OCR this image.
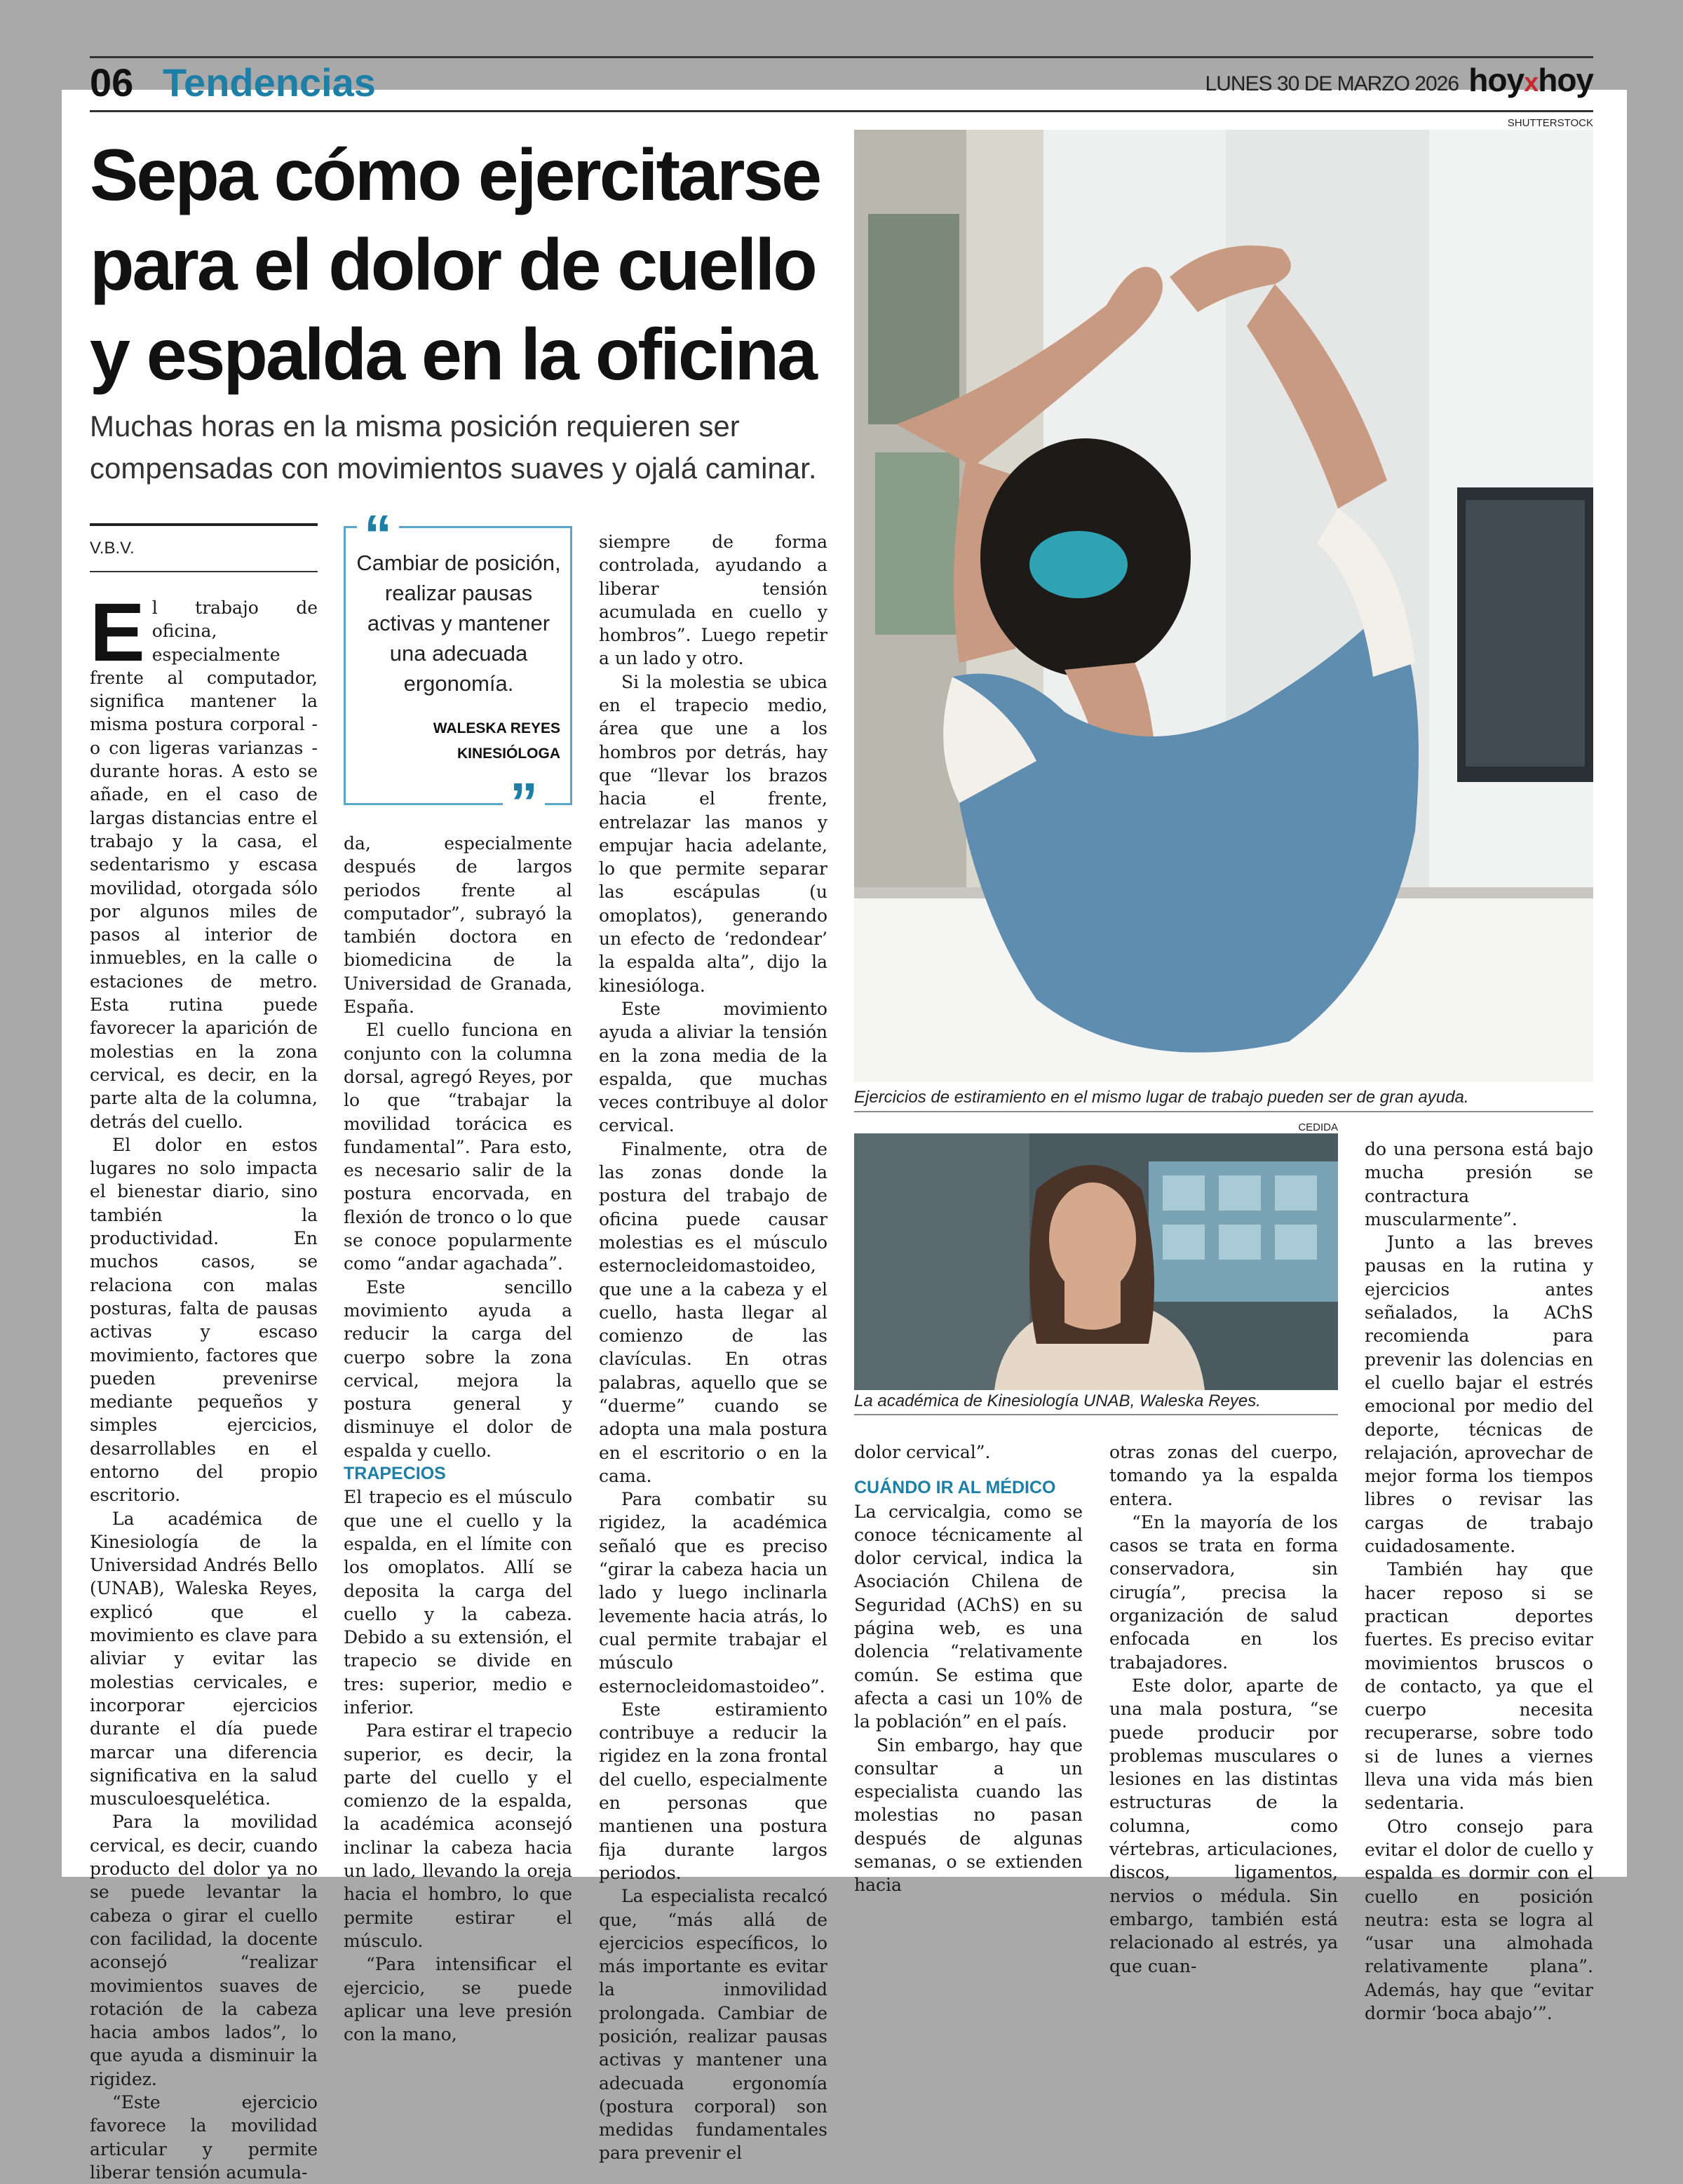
06 Tendencias	LUNES 30 DE MARZO 2026 hoyxhoy
Sepa cómo ejercitarse para el dolor de cuello y espalda en la oficina

Muchas horas en la misma posición requieren ser compensadas con movimientos suaves y ojalá caminar.

V.B.V.

El trabajo de oficina, especialmente frente al computador, significa mantener la misma postura corporal -o con ligeras varianzas -durante horas. A esto se añade, en el caso de largas distancias entre el trabajo y la casa, el sedentarismo y escasa movilidad, otorgada sólo por algunos miles de pasos al interior de inmuebles, en la calle o estaciones de metro. Esta rutina puede favorecer la aparición de molestias en la zona cervical, es decir, en la parte alta de la columna, detrás del cuello.

El dolor en estos lugares no solo impacta el bienestar diario, sino también la productividad. En muchos casos, se relaciona con malas posturas, falta de pausas activas y escaso movimiento, factores que pueden prevenirse mediante pequeños y simples ejercicios, desarrollables en el entorno del propio escritorio.

La académica de Kinesiología de la Universidad Andrés Bello (UNAB), Waleska Reyes, explicó que el movimiento es clave para aliviar y evitar las molestias cervicales, e incorporar ejercicios durante el día puede marcar una diferencia significativa en la salud musculoesquelética.

Para la movilidad cervical, es decir, cuando producto del dolor ya no se puede levantar la cabeza o girar el cuello con facilidad, la docente aconsejó “realizar movimientos suaves de rotación de la cabeza hacia ambos lados”, lo que ayuda a disminuir la rigidez.

“Este ejercicio favorece la movilidad articular y permite liberar tensión acumula-

“
Cambiar de posición, realizar pausas activas y mantener una adecuada ergonomía.
WALESKA REYES
KINESIÓLOGA
”

da, especialmente después de largos periodos frente al computador”, subrayó la también doctora en biomedicina de la Universidad de Granada, España.

El cuello funciona en conjunto con la columna dorsal, agregó Reyes, por lo que “trabajar la movilidad torácica es fundamental”. Para esto, es necesario salir de la postura encorvada, en flexión de tronco o lo que se conoce popularmente como “andar agachada”.

Este sencillo movimiento ayuda a reducir la carga del cuerpo sobre la zona cervical, mejora la postura general y disminuye el dolor de espalda y cuello.

TRAPECIOS

El trapecio es el músculo que une el cuello y la espalda, en el límite con los omoplatos. Allí se deposita la carga del cuello y la cabeza. Debido a su extensión, el trapecio se divide en tres: superior, medio e inferior.

Para estirar el trapecio superior, es decir, la parte del cuello y el comienzo de la espalda, la académica aconsejó inclinar la cabeza hacia un lado, llevando la oreja hacia el hombro, lo que permite estirar el músculo.

“Para intensificar el ejercicio, se puede aplicar una leve presión con la mano,

siempre de forma controlada, ayudando a liberar tensión acumulada en cuello y hombros”. Luego repetir a un lado y otro.

Si la molestia se ubica en el trapecio medio, área que une a los hombros por detrás, hay que “llevar los brazos hacia el frente, entrelazar las manos y empujar hacia adelante, lo que permite separar las escápulas (u omoplatos), generando un efecto de ‘redondear’ la espalda alta”, dijo la kinesióloga.

Este movimiento ayuda a aliviar la tensión en la zona media de la espalda, que muchas veces contribuye al dolor cervical.

Finalmente, otra de las zonas donde la postura del trabajo de oficina puede causar molestias es el músculo esternocleidomastoideo, que une a la cabeza y el cuello, hasta llegar al comienzo de las clavículas. En otras palabras, aquello que se “duerme” cuando se adopta una mala postura en el escritorio o en la cama.

Para combatir su rigidez, la académica señaló que es preciso “girar la cabeza hacia un lado y luego inclinarla levemente hacia atrás, lo cual permite trabajar el músculo esternocleidomastoideo”.

Este estiramiento contribuye a reducir la rigidez en la zona frontal del cuello, especialmente en personas que mantienen una postura fija durante largos periodos.

La especialista recalcó que, “más allá de ejercicios específicos, lo más importante es evitar la inmovilidad prolongada. Cambiar de posición, realizar pausas activas y mantener una adecuada ergonomía (postura corporal) son medidas fundamentales para prevenir el

SHUTTERSTOCK
Ejercicios de estiramiento en el mismo lugar de trabajo pueden ser de gran ayuda.
CEDIDA
La académica de Kinesiología UNAB, Waleska Reyes.

dolor cervical”.

CUÁNDO IR AL MÉDICO

La cervicalgia, como se conoce técnicamente al dolor cervical, indica la Asociación Chilena de Seguridad (AChS) en su página web, es una dolencia “relativamente común. Se estima que afecta a casi un 10% de la población” en el país.

Sin embargo, hay que consultar a un especialista cuando las molestias no pasan después de algunas semanas, o se extienden hacia

otras zonas del cuerpo, tomando ya la espalda entera.

“En la mayoría de los casos se trata en forma conservadora, sin cirugía”, precisa la organización de salud enfocada en los trabajadores.

Este dolor, aparte de una mala postura, “se puede producir por problemas musculares o lesiones en las distintas estructuras de la columna, como vértebras, articulaciones, discos, ligamentos, nervios o médula. Sin embargo, también está relacionado al estrés, ya que cuan-

do una persona está bajo mucha presión se contractura muscularmente”.

Junto a las breves pausas en la rutina y ejercicios antes señalados, la AChS recomienda para prevenir las dolencias en el cuello bajar el estrés emocional por medio del deporte, técnicas de relajación, aprovechar de mejor forma los tiempos libres o revisar las cargas de trabajo cuidadosamente.

También hay que hacer reposo si se practican deportes fuertes. Es preciso evitar movimientos bruscos o de contacto, ya que el cuerpo necesita recuperarse, sobre todo si de lunes a viernes lleva una vida más bien sedentaria.

Otro consejo para evitar el dolor de cuello y espalda es dormir con el cuello en posición neutra: esta se logra al “usar una almohada relativamente plana”. Además, hay que “evitar dormir ‘boca abajo’”.
